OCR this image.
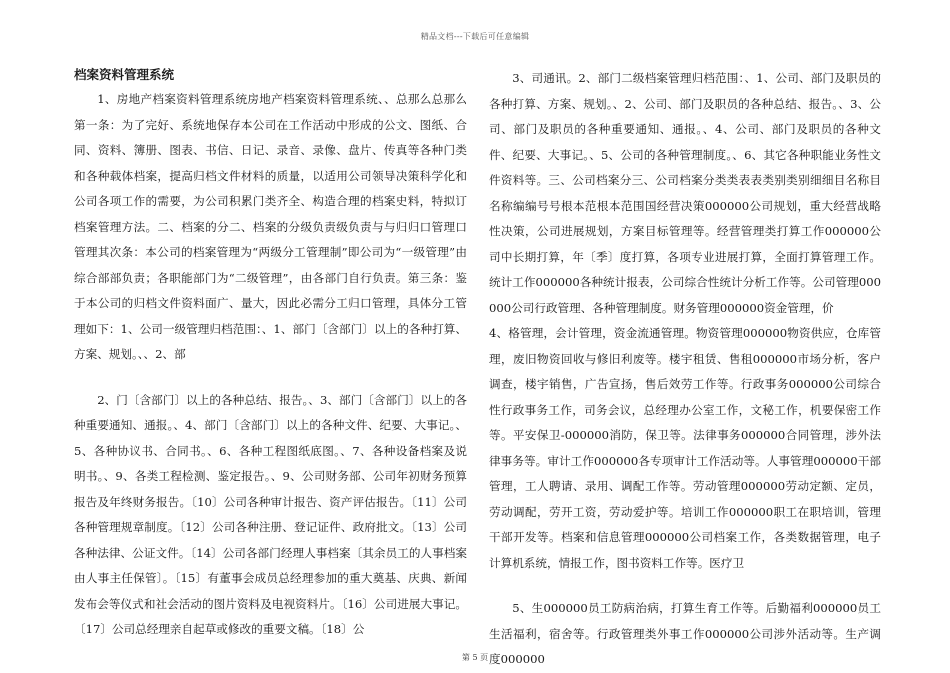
精品文档---下载后可任意编辑
档案资料管理系统

1、房地产档案资料管理系统房地产档案资料管理系统、、总那么总那么第一条：为了完好、系统地保存本公司在工作活动中形成的公文、图纸、合同、资料、簿册、图表、书信、日记、录音、录像、盘片、传真等各种门类和各种载体档案，提高归档文件材料的质量，以适用公司领导决策科学化和公司各项工作的需要，为公司积累门类齐全、构造合理的档案史料，特拟订档案管理方法。二、档案的分二、档案的分级负责级负责与与归归口管理口管理其次条：本公司的档案管理为“两级分工管理制”即公司为“一级管理”由综合部部负责；各职能部门为“二级管理”，由各部门自行负责。第三条：鉴于本公司的归档文件资料面广、量大，因此必需分工归口管理，具体分工管理如下：1、公司一级管理归档范围：、1、部门〔含部门〕以上的各种打算、方案、规划。、、2、部

2、门〔含部门〕以上的各种总结、报告。、3、部门〔含部门〕以上的各种重要通知、通报。、4、部门〔含部门〕以上的各种文件、纪要、大事记。、5、各种协议书、合同书。、6、各种工程图纸底图。、7、各种设备档案及说明书。、9、各类工程检测、鉴定报告。、9、公司财务部、公司年初财务预算报告及年终财务报告。〔10〕公司各种审计报告、资产评估报告。〔11〕公司各种管理规章制度。〔12〕公司各种注册、登记证件、政府批文。〔13〕公司各种法律、公证文件。〔14〕公司各部门经理人事档案〔其余员工的人事档案由人事主任保管〕。〔15〕有董事会成员总经理参加的重大奠基、庆典、新闻发布会等仪式和社会活动的图片资料及电视资料片。〔16〕公司进展大事记。〔17〕公司总经理亲自起草或修改的重要文稿。〔18〕公

3、司通讯。2、部门二级档案管理归档范围：、1、公司、部门及职员的各种打算、方案、规划。、2、公司、部门及职员的各种总结、报告。、3、公司、部门及职员的各种重要通知、通报。、4、公司、部门及职员的各种文件、纪要、大事记。、5、公司的各种管理制度。、6、其它各种职能业务性文件资料等。三、公司档案分三、公司档案分类类表表类别类别细细目名称目名称编编号号根本范根本范围国经营决策000000公司规划，重大经营战略性决策，公司进展规划，方案目标管理等。经营管理类打算工作000000公司中长期打算，年〔季〕度打算，各项专业进展打算，全面打算管理工作。统计工作000000各种统计报表，公司综合性统计分析工作等。公司管理000000公司行政管理、各种管理制度。财务管理000000资金管理，价

4、格管理，会计管理，资金流通管理。物资管理000000物资供应，仓库管理，废旧物资回收与修旧利废等。楼宇租赁、售租000000市场分析，客户调查，楼宇销售，广告宣扬，售后效劳工作等。行政事务000000公司综合性行政事务工作，司务会议，总经理办公室工作，文秘工作，机要保密工作等。平安保卫-000000消防，保卫等。法律事务000000合同管理，涉外法律事务等。审计工作000000各专项审计工作活动等。人事管理000000干部管理，工人聘请、录用、调配工作等。劳动管理000000劳动定额、定员，劳动调配，劳开工资，劳动爱护等。培训工作000000职工在职培训，管理干部开发等。档案和信息管理000000公司档案工作，各类数据管理，电子计算机系统，情报工作，图书资料工作等。医疗卫

5、生000000员工防病治病，打算生育工作等。后勤福利000000员工生活福利，宿舍等。行政管理类外事工作000000公司涉外活动等。生产调度000000

第 5 页
